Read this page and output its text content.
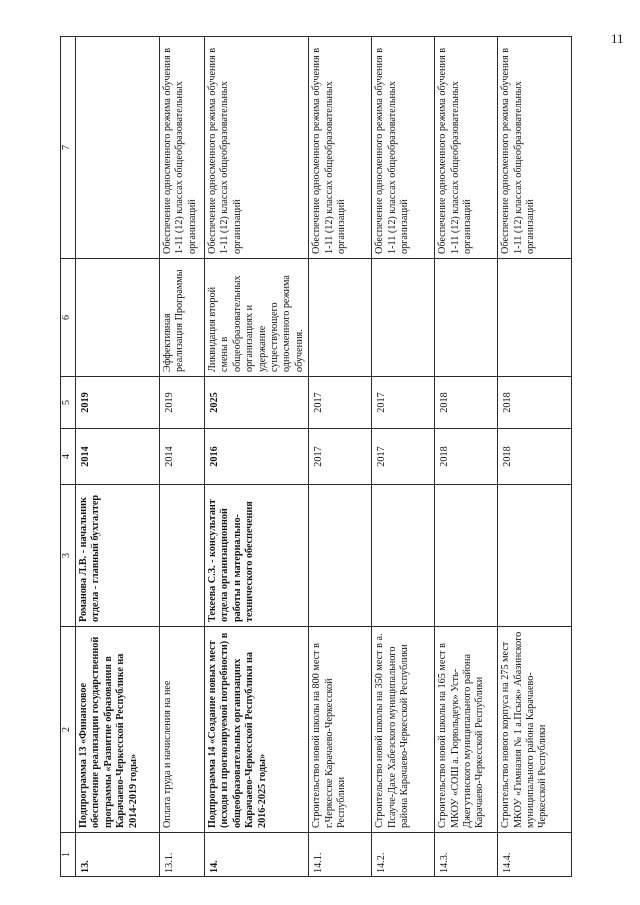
11
1	2	3	4	5	6	7
13.	Подпрограмма 13 «Финансовое обеспечение реализации государственной программы «Развитие образования в Карачаево-Черкесской Республике на 2014-2019 годы»	Романова Л.В. - начальник отдела - главный бухгалтер	2014	2019		
13.1.	Оплата труда и начисления на нее		2014	2019	Эффективная реализация Программы	Обеспечение односменного режима обучения в 1-11 (12) классах общеобразовательных организаций
14.	Подпрограмма 14 «Создание новых мест (исходя из прогнозируемой потребности) в общеобразовательных организациях Карачаево-Черкесской Республики на 2016-2025 годы»	Текеева С.З. - консультант отдела организационной работы и материально-технического обеспечения	2016	2025	Ликвидация второй смены в общеобразовательных организациях и удержание существующего односменного режима обучения.	Обеспечение односменного режима обучения в 1-11 (12) классах общеобразовательных организаций
14.1.	Строительство новой школы на 800 мест в г.Черкесске Карачаево-Черкесской Республики		2017	2017		Обеспечение односменного режима обучения в 1-11 (12) классах общеобразовательных организаций
14.2.	Строительство новой школы на 350 мест в а. Псауче-Дахе Хабезского муниципального района Карачаево-Черкесской Республики		2017	2017		Обеспечение односменного режима обучения в 1-11 (12) классах общеобразовательных организаций
14.3.	Строительство новой школы на 165 мест в МКОУ «СОШ а. Гюрюльдеук» Усть-Джегутинского муниципального района Карачаево-Черкесской Республики		2018	2018		Обеспечение односменного режима обучения в 1-11 (12) классах общеобразовательных организаций
14.4.	Строительство нового корпуса на 275 мест МКОУ «Гимназия № 1 а.Псыж» Абазинского муниципального района Карачаево-Черкесской Республики		2018	2018		Обеспечение односменного режима обучения в 1-11 (12) классах общеобразовательных организаций
